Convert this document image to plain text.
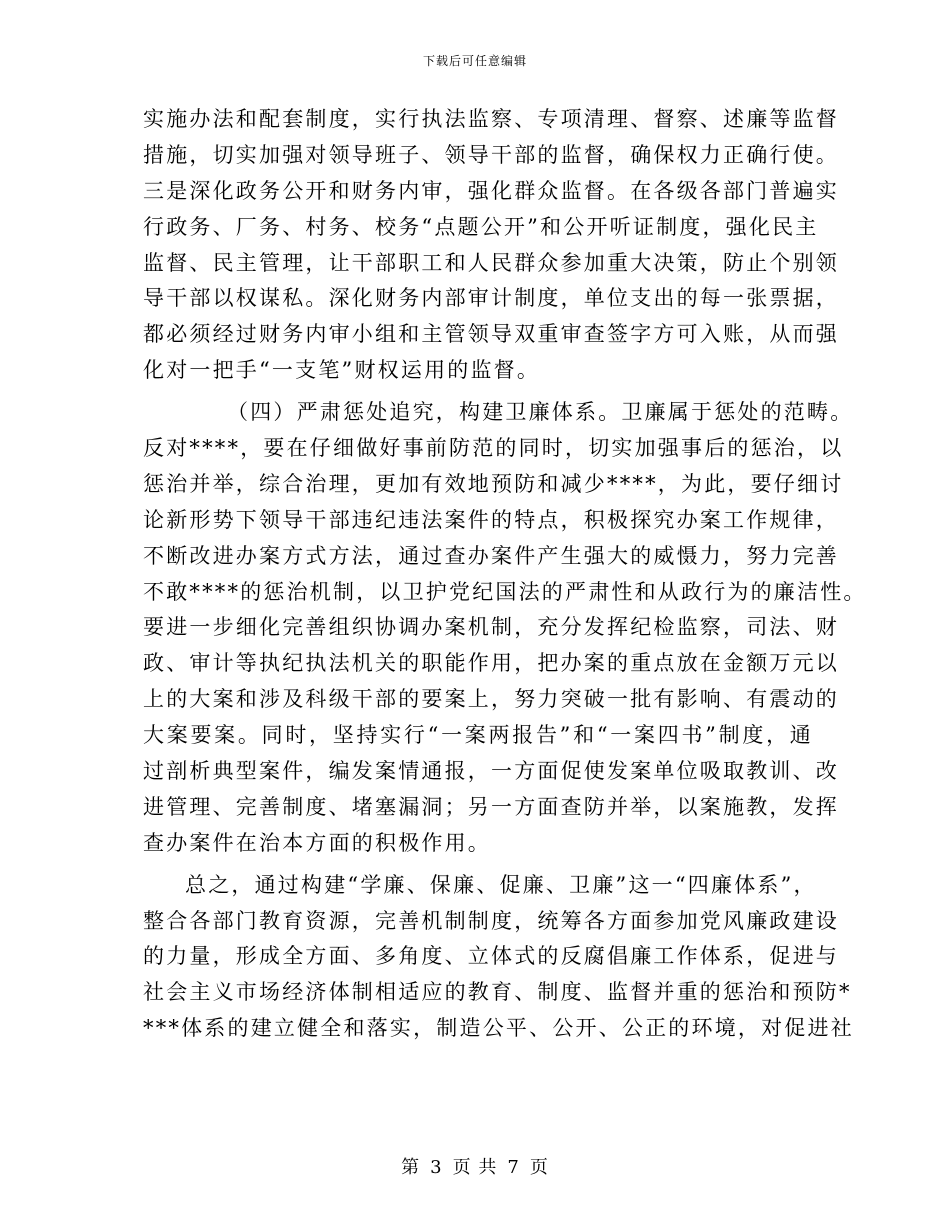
下载后可任意编辑
实施办法和配套制度，实行执法监察、专项清理、督察、述廉等监督
措施，切实加强对领导班子、领导干部的监督，确保权力正确行使。
三是深化政务公开和财务内审，强化群众监督。在各级各部门普遍实
行政务、厂务、村务、校务“点题公开”和公开听证制度，强化民主
监督、民主管理，让干部职工和人民群众参加重大决策，防止个别领
导干部以权谋私。深化财务内部审计制度，单位支出的每一张票据，
都必须经过财务内审小组和主管领导双重审查签字方可入账，从而强
化对一把手“一支笔”财权运用的监督。
（四）严肃惩处追究，构建卫廉体系。卫廉属于惩处的范畴。
反对****，要在仔细做好事前防范的同时，切实加强事后的惩治，以
惩治并举，综合治理，更加有效地预防和减少****，为此，要仔细讨
论新形势下领导干部违纪违法案件的特点，积极探究办案工作规律，
不断改进办案方式方法，通过查办案件产生强大的威慑力，努力完善
不敢****的惩治机制，以卫护党纪国法的严肃性和从政行为的廉洁性。
要进一步细化完善组织协调办案机制，充分发挥纪检监察，司法、财
政、审计等执纪执法机关的职能作用，把办案的重点放在金额万元以
上的大案和涉及科级干部的要案上，努力突破一批有影响、有震动的
大案要案。同时，坚持实行“一案两报告”和“一案四书”制度，通
过剖析典型案件，编发案情通报，一方面促使发案单位吸取教训、改
进管理、完善制度、堵塞漏洞；另一方面查防并举，以案施教，发挥
查办案件在治本方面的积极作用。
总之，通过构建“学廉、保廉、促廉、卫廉”这一“四廉体系”，
整合各部门教育资源，完善机制制度，统筹各方面参加党风廉政建设
的力量，形成全方面、多角度、立体式的反腐倡廉工作体系，促进与
社会主义市场经济体制相适应的教育、制度、监督并重的惩治和预防*
***体系的建立健全和落实，制造公平、公开、公正的环境，对促进社
第 3 页 共 7 页
